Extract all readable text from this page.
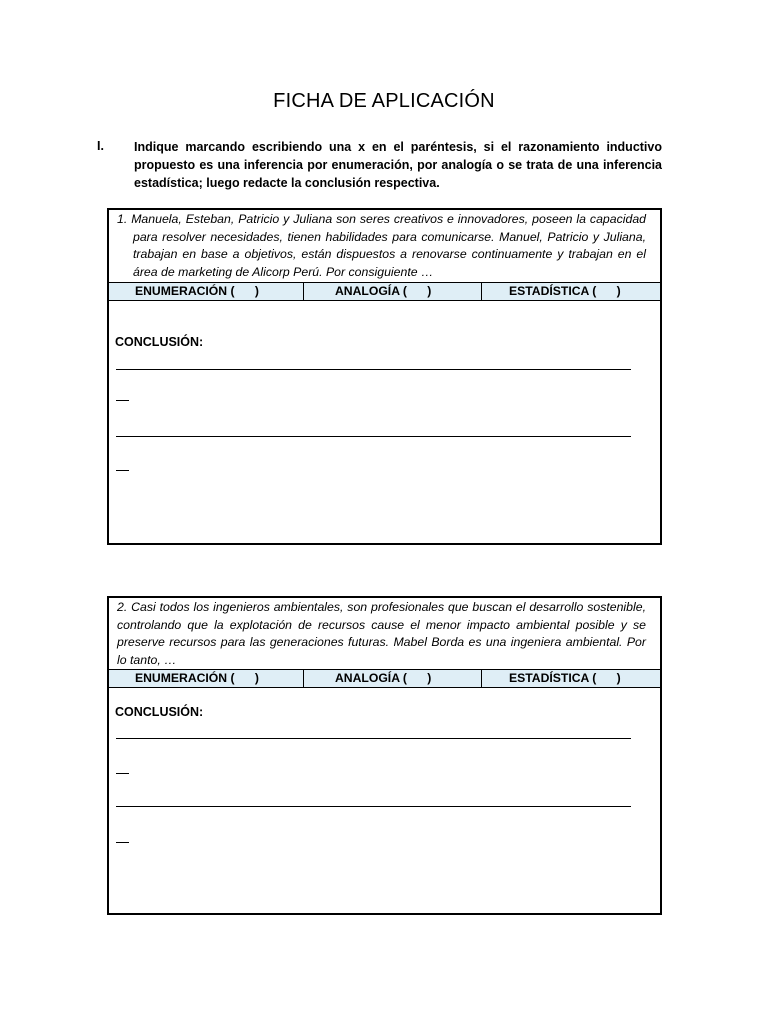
FICHA DE APLICACIÓN
I. Indique marcando escribiendo una x en el paréntesis, si el razonamiento inductivo propuesto es una inferencia por enumeración, por analogía o se trata de una inferencia estadística; luego redacte la conclusión respectiva.
1. Manuela, Esteban, Patricio y Juliana son seres creativos e innovadores, poseen la capacidad para resolver necesidades, tienen habilidades para comunicarse. Manuel, Patricio y Juliana, trabajan en base a objetivos, están dispuestos a renovarse continuamente y trabajan en el área de marketing de Alicorp Perú. Por consiguiente …
ENUMERACIÓN (      )	ANALOGÍA (      )	ESTADÍSTICA (      )
CONCLUSIÓN:
2. Casi todos los ingenieros ambientales, son profesionales que buscan el desarrollo sostenible, controlando que la explotación de recursos cause el menor impacto ambiental posible y se preserve recursos para las generaciones futuras. Mabel Borda es una ingeniera ambiental. Por lo tanto, …
ENUMERACIÓN (      )	ANALOGÍA (      )	ESTADÍSTICA (      )
CONCLUSIÓN:
